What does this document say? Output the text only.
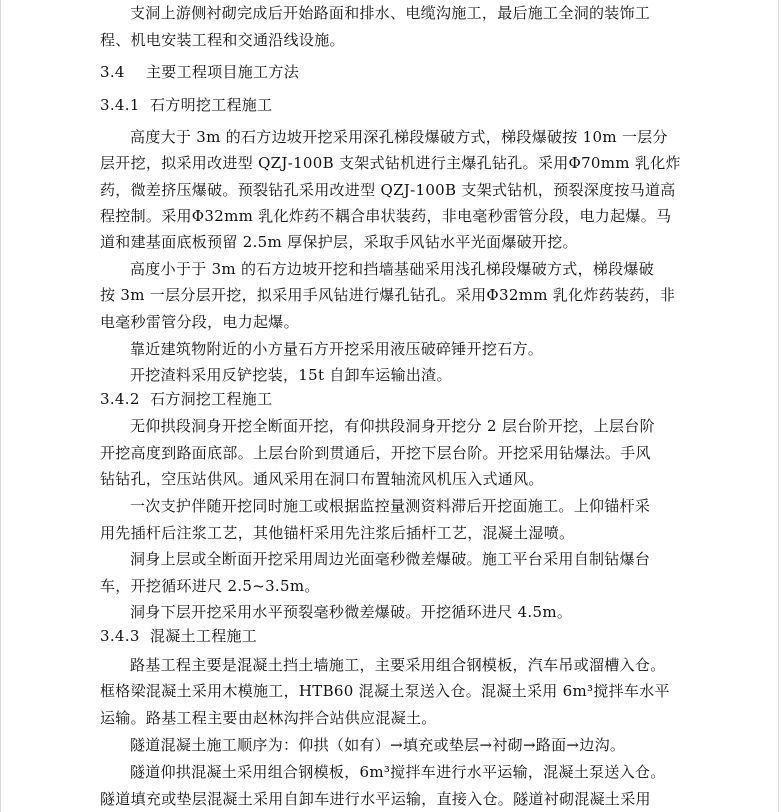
支洞上游侧衬砌完成后开始路面和排水、电缆沟施工，最后施工全洞的装饰工
程、机电安装工程和交通沿线设施。
3.4 主要工程项目施工方法
3.4.1 石方明挖工程施工
高度大于 3m 的石方边坡开挖采用深孔梯段爆破方式，梯段爆破按 10m 一层分
层开挖，拟采用改进型 QZJ-100B 支架式钻机进行主爆孔钻孔。采用Φ70mm 乳化炸
药，微差挤压爆破。预裂钻孔采用改进型 QZJ-100B 支架式钻机，预裂深度按马道高
程控制。采用Φ32mm 乳化炸药不耦合串状装药，非电毫秒雷管分段，电力起爆。马
道和建基面底板预留 2.5m 厚保护层，采取手风钻水平光面爆破开挖。
高度小于于 3m 的石方边坡开挖和挡墙基础采用浅孔梯段爆破方式，梯段爆破
按 3m 一层分层开挖，拟采用手风钻进行爆孔钻孔。采用Φ32mm 乳化炸药装药，非
电毫秒雷管分段，电力起爆。
靠近建筑物附近的小方量石方开挖采用液压破碎锤开挖石方。
开挖渣料采用反铲挖装，15t 自卸车运输出渣。
3.4.2 石方洞挖工程施工
无仰拱段洞身开挖全断面开挖，有仰拱段洞身开挖分 2 层台阶开挖，上层台阶
开挖高度到路面底部。上层台阶到贯通后，开挖下层台阶。开挖采用钻爆法。手风
钻钻孔，空压站供风。通风采用在洞口布置轴流风机压入式通风。
一次支护伴随开挖同时施工或根据监控量测资料滞后开挖面施工。上仰锚杆采
用先插杆后注浆工艺，其他锚杆采用先注浆后插杆工艺，混凝土湿喷。
洞身上层或全断面开挖采用周边光面毫秒微差爆破。施工平台采用自制钻爆台
车，开挖循环进尺 2.5~3.5m。
洞身下层开挖采用水平预裂毫秒微差爆破。开挖循环进尺 4.5m。
3.4.3 混凝土工程施工
路基工程主要是混凝土挡土墙施工，主要采用组合钢模板，汽车吊或溜槽入仓。
框格梁混凝土采用木模施工，HTB60 混凝土泵送入仓。混凝土采用 6m³搅拌车水平
运输。路基工程主要由赵林沟拌合站供应混凝土。
隧道混凝土施工顺序为：仰拱（如有）→填充或垫层→衬砌→路面→边沟。
隧道仰拱混凝土采用组合钢模板，6m³搅拌车进行水平运输，混凝土泵送入仓。
隧道填充或垫层混凝土采用自卸车进行水平运输，直接入仓。隧道衬砌混凝土采用
